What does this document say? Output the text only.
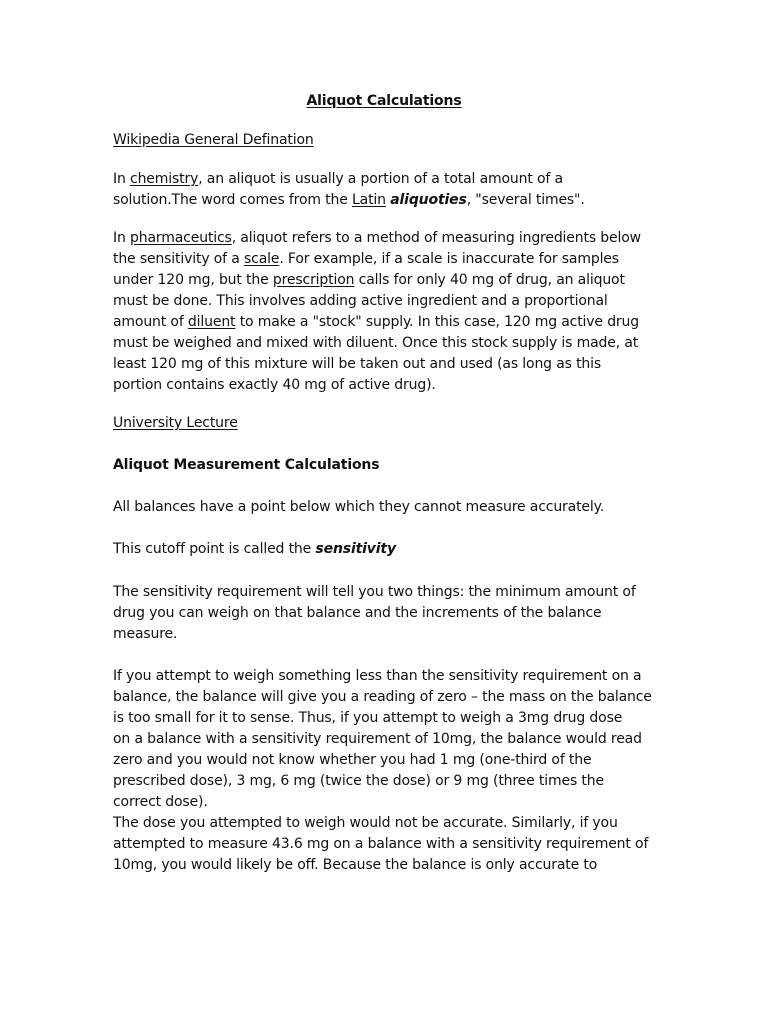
Aliquot Calculations

Wikipedia General Defination

In chemistry, an aliquot is usually a portion of a total amount of a

solution.The word comes from the Latin aliquoties, "several times".

In pharmaceutics, aliquot refers to a method of measuring ingredients below

the sensitivity of a scale. For example, if a scale is inaccurate for samples

under 120 mg, but the prescription calls for only 40 mg of drug, an aliquot

must be done. This involves adding active ingredient and a proportional

amount of diluent to make a "stock" supply. In this case, 120 mg active drug

must be weighed and mixed with diluent. Once this stock supply is made, at

least 120 mg of this mixture will be taken out and used (as long as this

portion contains exactly 40 mg of active drug).

University Lecture

Aliquot Measurement Calculations

All balances have a point below which they cannot measure accurately.

This cutoff point is called the sensitivity

The sensitivity requirement will tell you two things: the minimum amount of

drug you can weigh on that balance and the increments of the balance

measure.

If you attempt to weigh something less than the sensitivity requirement on a

balance, the balance will give you a reading of zero – the mass on the balance

is too small for it to sense. Thus, if you attempt to weigh a 3mg drug dose

on a balance with a sensitivity requirement of 10mg, the balance would read

zero and you would not know whether you had 1 mg (one-third of the

prescribed dose), 3 mg, 6 mg (twice the dose) or 9 mg (three times the

correct dose).

The dose you attempted to weigh would not be accurate. Similarly, if you

attempted to measure 43.6 mg on a balance with a sensitivity requirement of

10mg, you would likely be off. Because the balance is only accurate to
